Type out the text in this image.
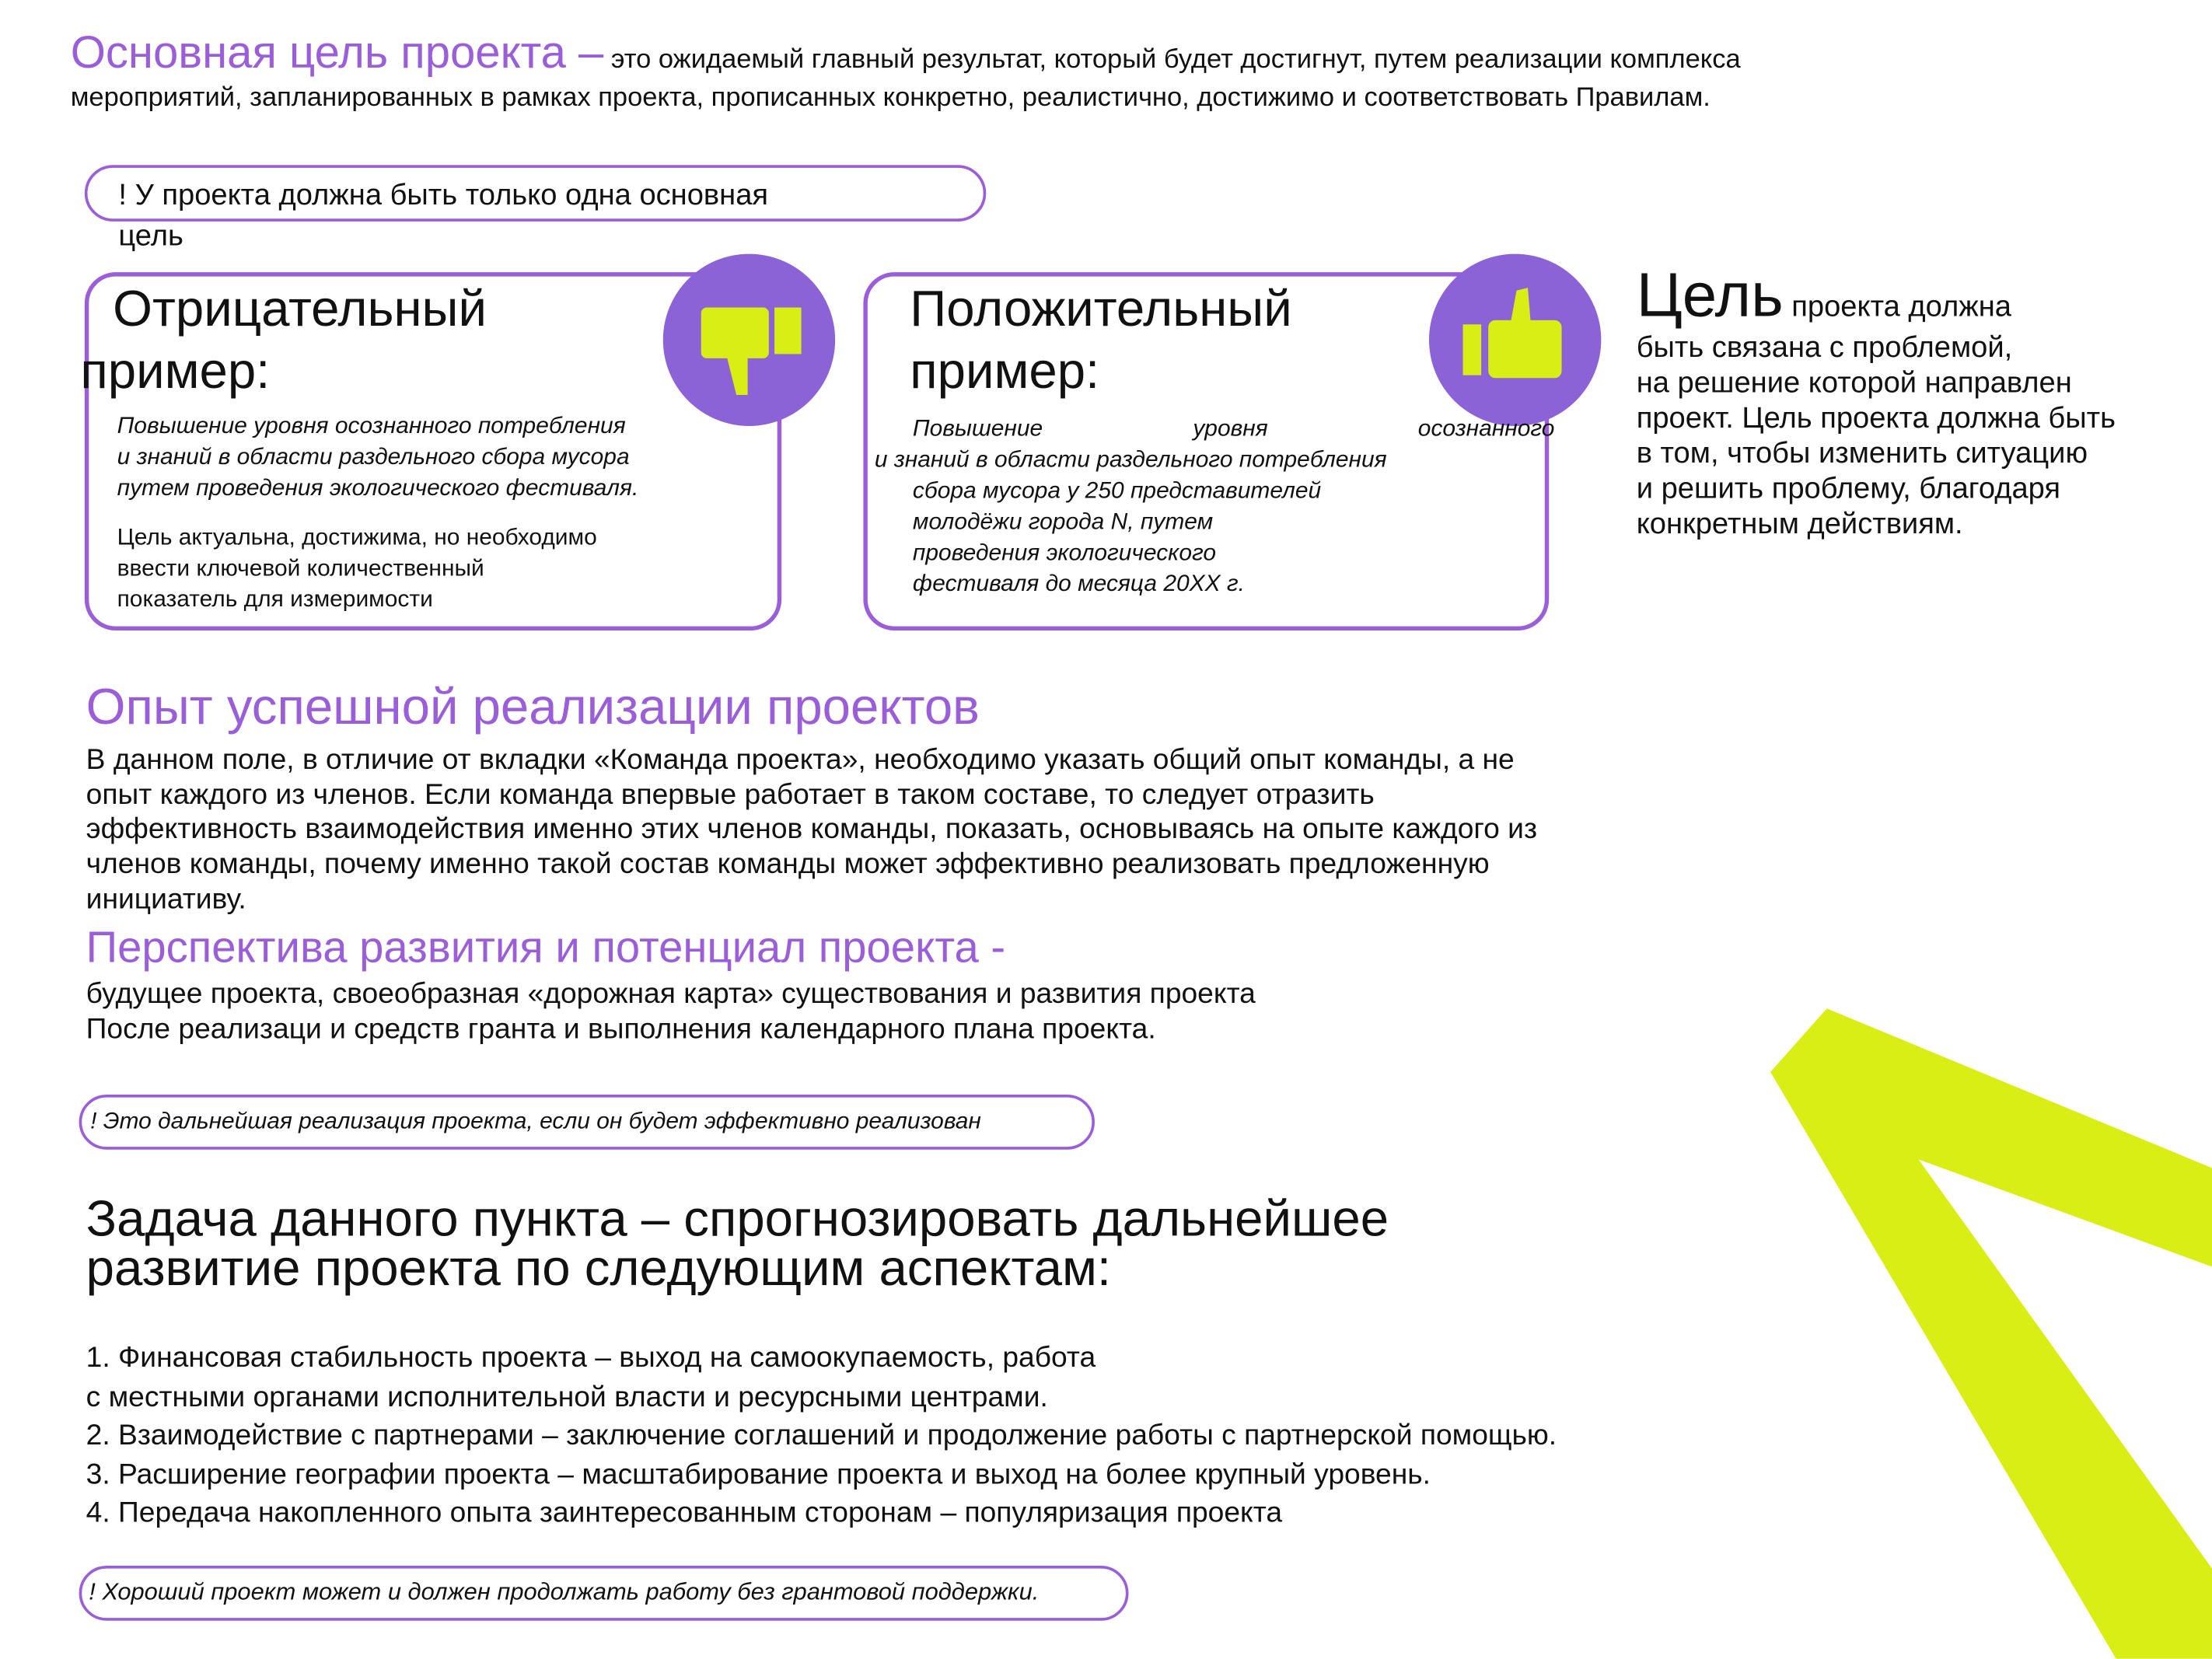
Основная цель проекта – это ожидаемый главный результат, который будет достигнут, путем реализации комплекса
мероприятий, запланированных в рамках проекта, прописанных конкретно, реалистично, достижимо и соответствовать Правилам.

! У проекта должна быть только одна основная

цель

Отрицательный

пример:

Повышение уровня осознанного потребления

и знаний в области раздельного сбора мусора

путем проведения экологического фестиваля.

Цель актуальна, достижима, но необходимо

ввести ключевой количественный

показатель для измеримости

Положительный

пример:

Повышение	уровня	осознанного
и знаний в области раздельного потребления

сбора мусора у 250 представителей

молодёжи города N, путем

проведения экологического

фестиваля до месяца 20XX г.

Цель проекта должна

быть связана с проблемой,

на решение которой направлен

проект. Цель проекта должна быть

в том, чтобы изменить ситуацию

и решить проблему, благодаря

конкретным действиям.

Опыт успешной реализации проектов

В данном поле, в отличие от вкладки «Команда проекта», необходимо указать общий опыт команды, а не

опыт каждого из членов. Если команда впервые работает в таком составе, то следует отразить

эффективность взаимодействия именно этих членов команды, показать, основываясь на опыте каждого из

членов команды, почему именно такой состав команды может эффективно реализовать предложенную

инициативу.

Перспектива развития и потенциал проекта -

будущее проекта, своеобразная «дорожная карта» существования и развития проекта

После реализаци и средств гранта и выполнения календарного плана проекта.

! Это дальнейшая реализация проекта, если он будет эффективно реализован

Задача данного пункта – спрогнозировать дальнейшее

развитие проекта по следующим аспектам:

1. Финансовая стабильность проекта – выход на самоокупаемость, работа

с местными органами исполнительной власти и ресурсными центрами.

2. Взаимодействие с партнерами – заключение соглашений и продолжение работы с партнерской помощью.

3. Расширение географии проекта – масштабирование проекта и выход на более крупный уровень.

4. Передача накопленного опыта заинтересованным сторонам – популяризация проекта

! Хороший проект может и должен продолжать работу без грантовой поддержки.
